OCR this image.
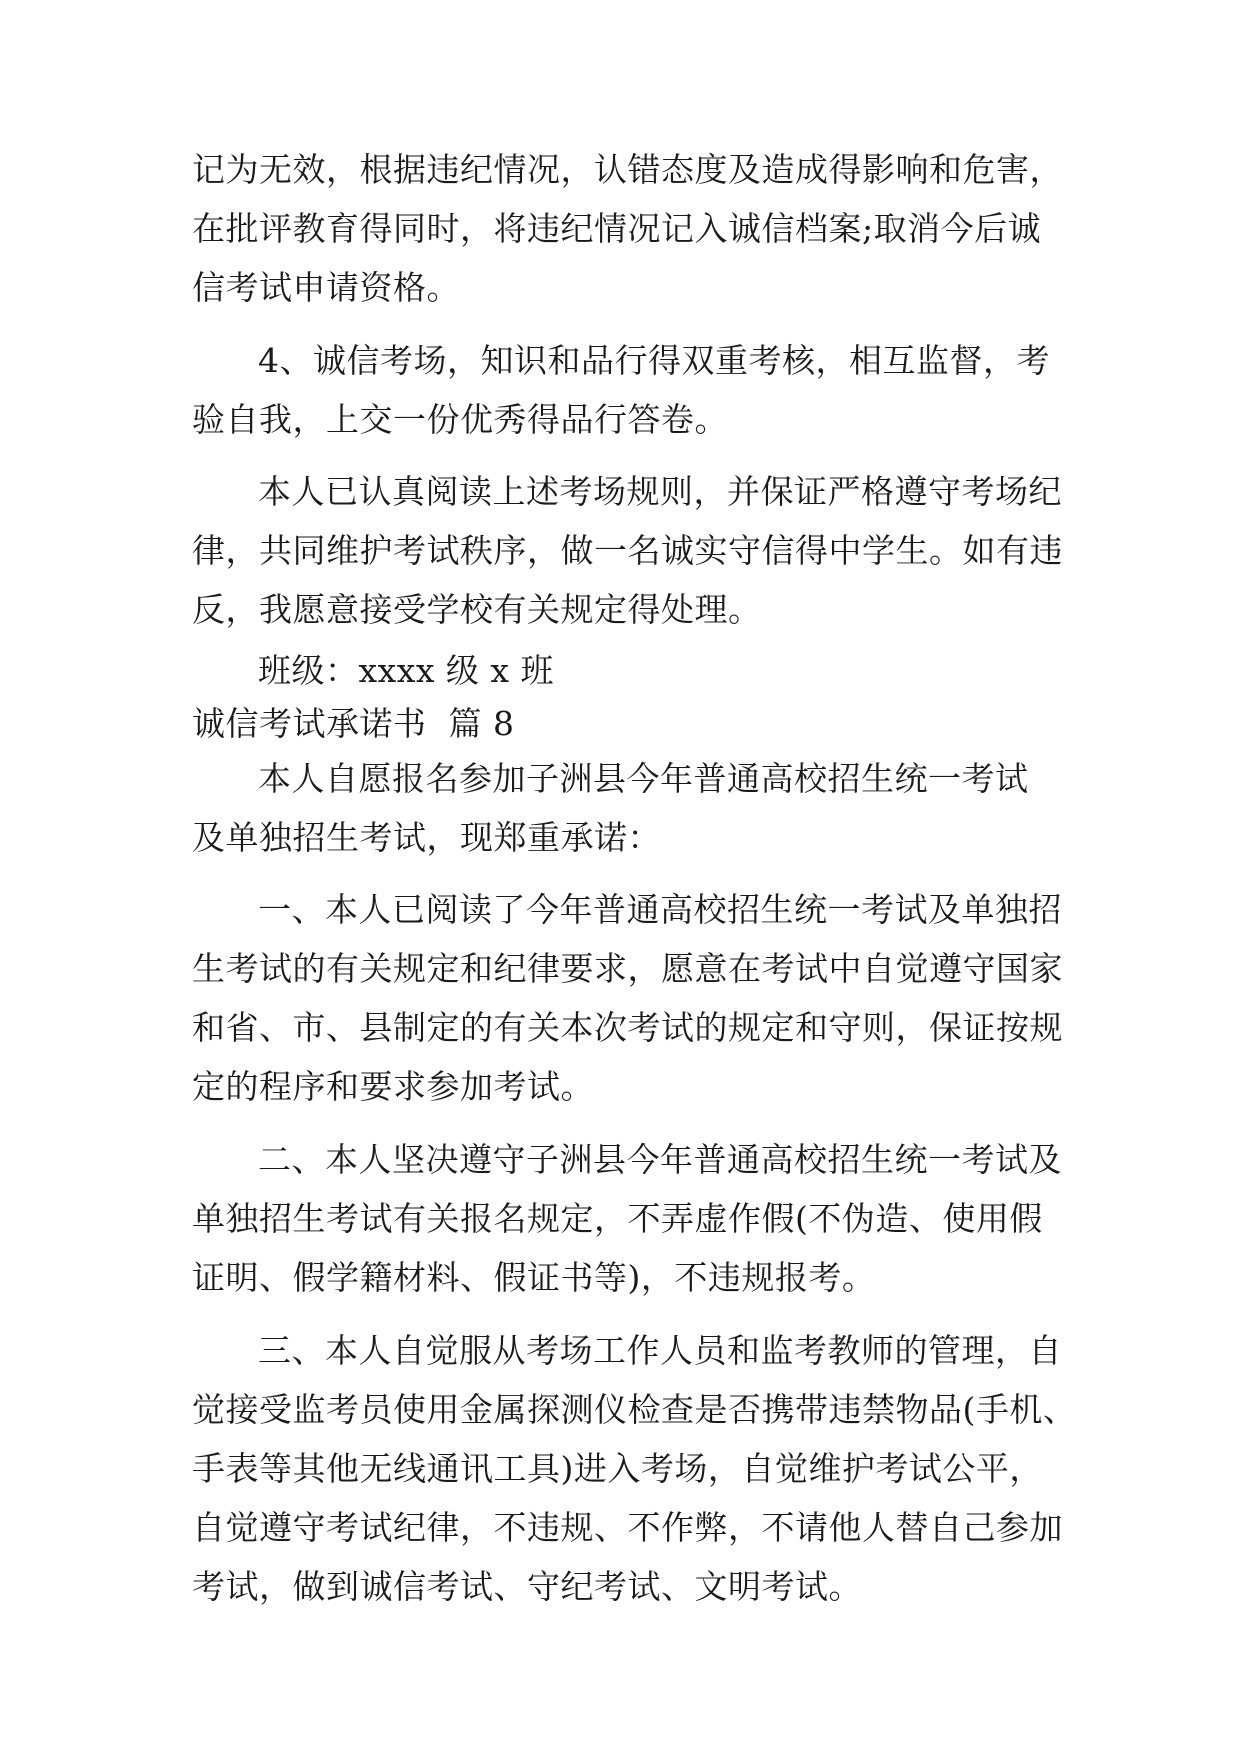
记为无效，根据违纪情况，认错态度及造成得影响和危害，
在批评教育得同时，将违纪情况记入诚信档案;取消今后诚
信考试申请资格。
4、诚信考场，知识和品行得双重考核，相互监督，考
验自我，上交一份优秀得品行答卷。
本人已认真阅读上述考场规则，并保证严格遵守考场纪
律，共同维护考试秩序，做一名诚实守信得中学生。如有违
反，我愿意接受学校有关规定得处理。
班级：xxxx 级 x 班
诚信考试承诺书  篇 8
本人自愿报名参加子洲县今年普通高校招生统一考试
及单独招生考试，现郑重承诺：
一、本人已阅读了今年普通高校招生统一考试及单独招
生考试的有关规定和纪律要求，愿意在考试中自觉遵守国家
和省、市、县制定的有关本次考试的规定和守则，保证按规
定的程序和要求参加考试。
二、本人坚决遵守子洲县今年普通高校招生统一考试及
单独招生考试有关报名规定，不弄虚作假(不伪造、使用假
证明、假学籍材料、假证书等)，不违规报考。
三、本人自觉服从考场工作人员和监考教师的管理，自
觉接受监考员使用金属探测仪检查是否携带违禁物品(手机、
手表等其他无线通讯工具)进入考场，自觉维护考试公平，
自觉遵守考试纪律，不违规、不作弊，不请他人替自己参加
考试，做到诚信考试、守纪考试、文明考试。
